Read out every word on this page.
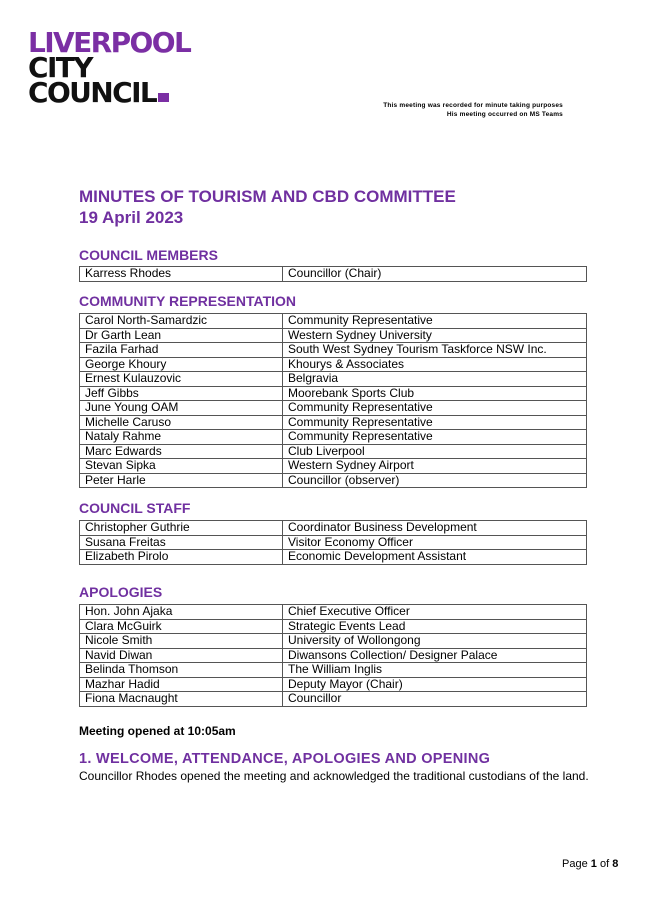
LIVERPOOL
CITY
COUNCIL	This meeting was recorded for minute taking purposes
His meeting occurred on MS Teams
MINUTES OF TOURISM AND CBD COMMITTEE
19 April 2023
COUNCIL MEMBERS
Karress Rhodes	Councillor (Chair)
COMMUNITY REPRESENTATION
Carol North-Samardzic	Community Representative
Dr Garth Lean	Western Sydney University
Fazila Farhad	South West Sydney Tourism Taskforce NSW Inc.
George Khoury	Khourys & Associates
Ernest Kulauzovic	Belgravia
Jeff Gibbs	Moorebank Sports Club
June Young OAM	Community Representative
Michelle Caruso	Community Representative
Nataly Rahme	Community Representative
Marc Edwards	Club Liverpool
Stevan Sipka	Western Sydney Airport
Peter Harle	Councillor (observer)
COUNCIL STAFF
Christopher Guthrie	Coordinator Business Development
Susana Freitas	Visitor Economy Officer
Elizabeth Pirolo	Economic Development Assistant
APOLOGIES
Hon. John Ajaka	Chief Executive Officer
Clara McGuirk	Strategic Events Lead
Nicole Smith	University of Wollongong
Navid Diwan	Diwansons Collection/ Designer Palace
Belinda Thomson	The William Inglis
Mazhar Hadid	Deputy Mayor (Chair)
Fiona Macnaught	Councillor
Meeting opened at 10:05am
1. WELCOME, ATTENDANCE, APOLOGIES AND OPENING
Councillor Rhodes opened the meeting and acknowledged the traditional custodians of the land.
Page 1 of 8
